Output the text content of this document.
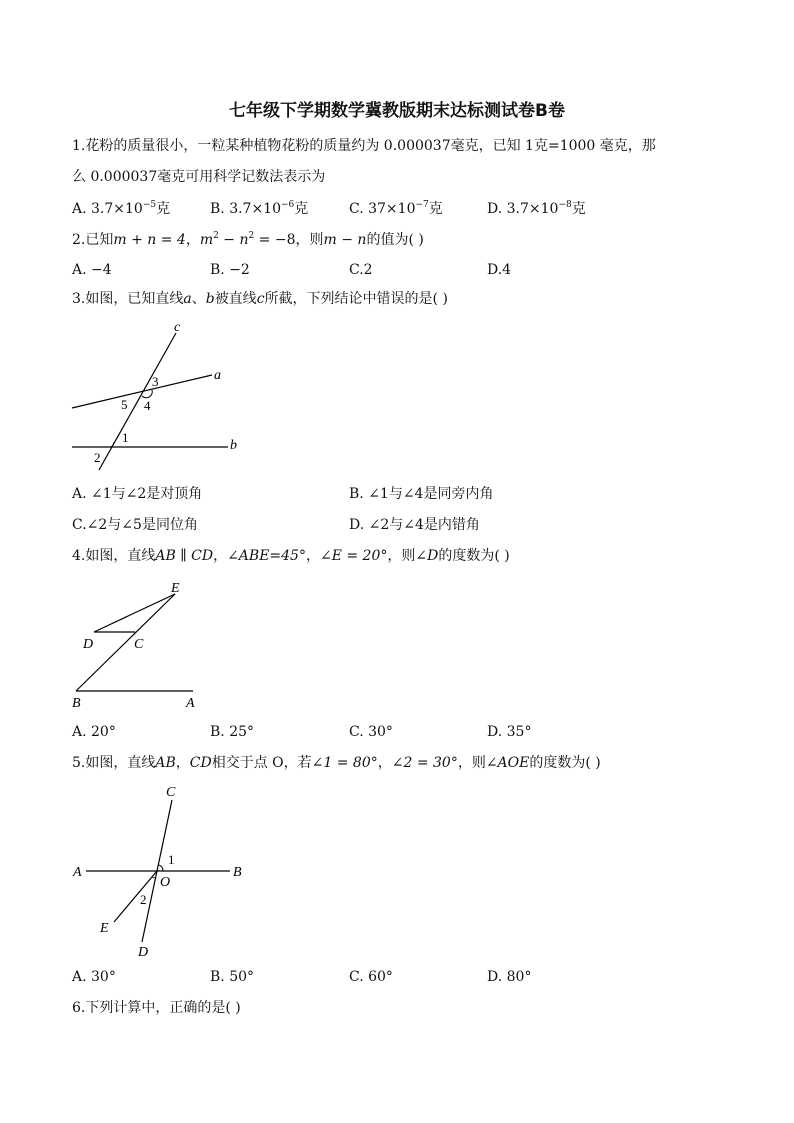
七年级下学期数学冀教版期末达标测试卷B卷
1.花粉的质量很小，一粒某种植物花粉的质量约为 0.000037毫克，已知 1克=1000 毫克，那
么 0.000037毫克可用科学记数法表示为
A. $3.7\times 10^{-5}$克	B. $3.7\times 10^{-6}$克	C. $37\times 10^{-7}$克	D. $3.7\times 10^{-8}$克
2.已知m + n = 4，$m^2 - n^2 = -8$，则m − n的值为( )
A. −4	B. −2	C.2	D.4
3.如图，已知直线a、b被直线c所截，下列结论中错误的是( )
c
a
b
3
5 4
1
2
A. ∠1与∠2是对顶角	B. ∠1与∠4是同旁内角
C.∠2与∠5是同位角	D. ∠2与∠4是内错角
4.如图，直线AB ∥ CD，∠ABE=45°，∠E = 20°，则∠D的度数为( )
E
D	C
B	A
A. 20°	B. 25°	C. 30°	D. 35°
5.如图，直线AB，CD相交于点 O，若∠1 = 80°，∠2 = 30°，则∠AOE的度数为( )
C
A	B
O
1
2
E
D
A. 30°	B. 50°	C. 60°	D. 80°
6.下列计算中，正确的是( )
